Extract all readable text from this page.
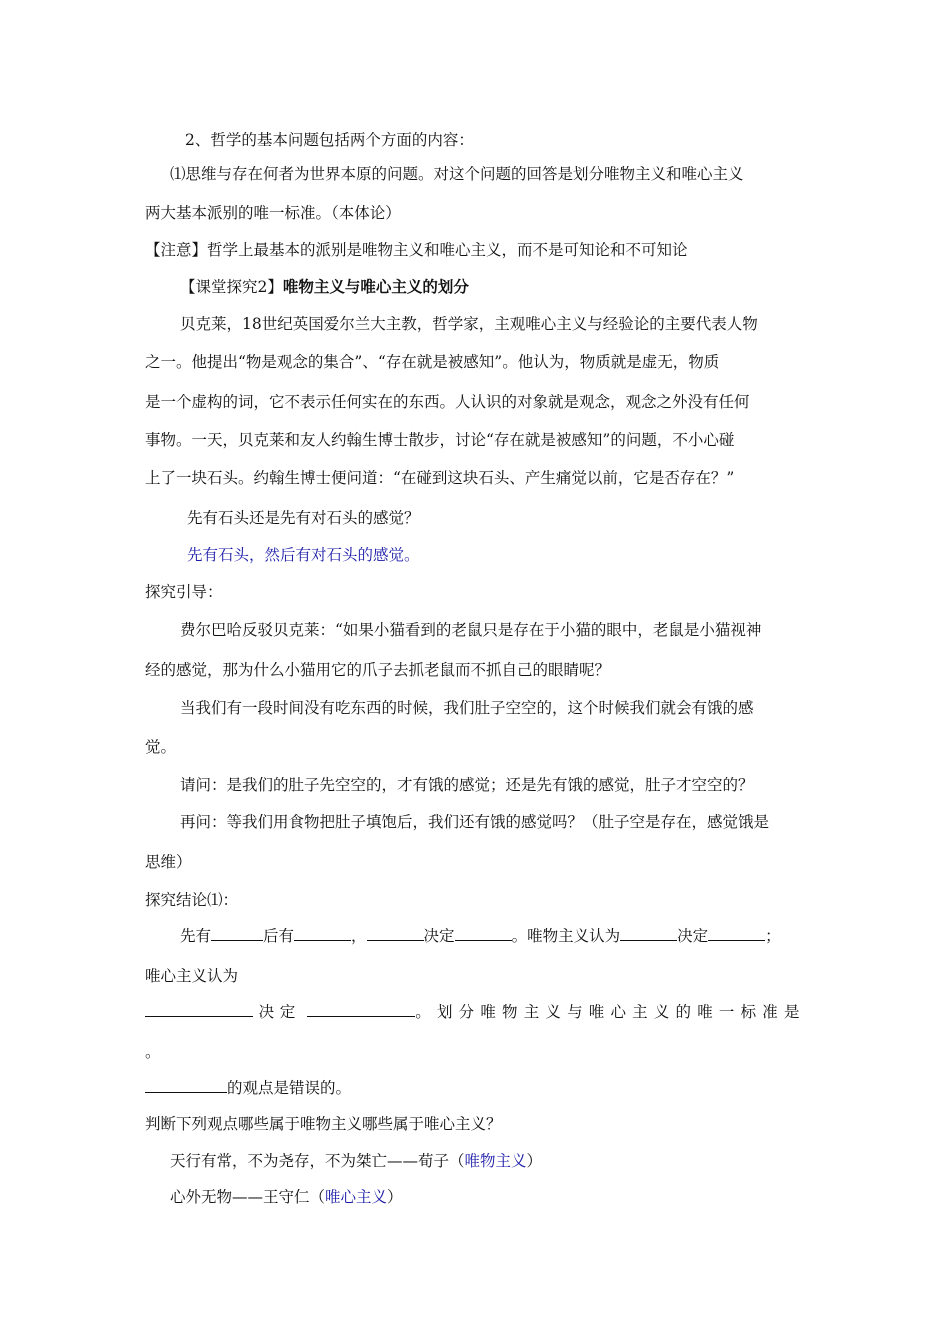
2、哲学的基本问题包括两个方面的内容：
⑴思维与存在何者为世界本原的问题。对这个问题的回答是划分唯物主义和唯心主义
两大基本派别的唯一标准。（本体论）
【注意】哲学上最基本的派别是唯物主义和唯心主义，而不是可知论和不可知论
【课堂探究2】唯物主义与唯心主义的划分
贝克莱，18世纪英国爱尔兰大主教，哲学家，主观唯心主义与经验论的主要代表人物
之一。他提出“物是观念的集合”、“存在就是被感知”。他认为，物质就是虚无，物质
是一个虚构的词，它不表示任何实在的东西。人认识的对象就是观念，观念之外没有任何
事物。一天，贝克莱和友人约翰生博士散步，讨论“存在就是被感知”的问题，不小心碰
上了一块石头。约翰生博士便问道：“在碰到这块石头、产生痛觉以前，它是否存在？”
先有石头还是先有对石头的感觉？
先有石头，然后有对石头的感觉。
探究引导：
费尔巴哈反驳贝克莱：“如果小猫看到的老鼠只是存在于小猫的眼中，老鼠是小猫视神
经的感觉，那为什么小猫用它的爪子去抓老鼠而不抓自己的眼睛呢？
当我们有一段时间没有吃东西的时候，我们肚子空空的，这个时候我们就会有饿的感
觉。
请问：是我们的肚子先空空的，才有饿的感觉；还是先有饿的感觉，肚子才空空的？
再问：等我们用食物把肚子填饱后，我们还有饿的感觉吗？（肚子空是存在，感觉饿是
思维）
探究结论⑴：
先有	后有	，	决定	。唯物主义认为	决定	；
唯心主义认为
决定	。划分唯物主义与唯心主义的唯一标准是
。
的观点是错误的。
判断下列观点哪些属于唯物主义哪些属于唯心主义？
天行有常，不为尧存，不为桀亡——荀子（唯物主义）
心外无物——王守仁（唯心主义）
